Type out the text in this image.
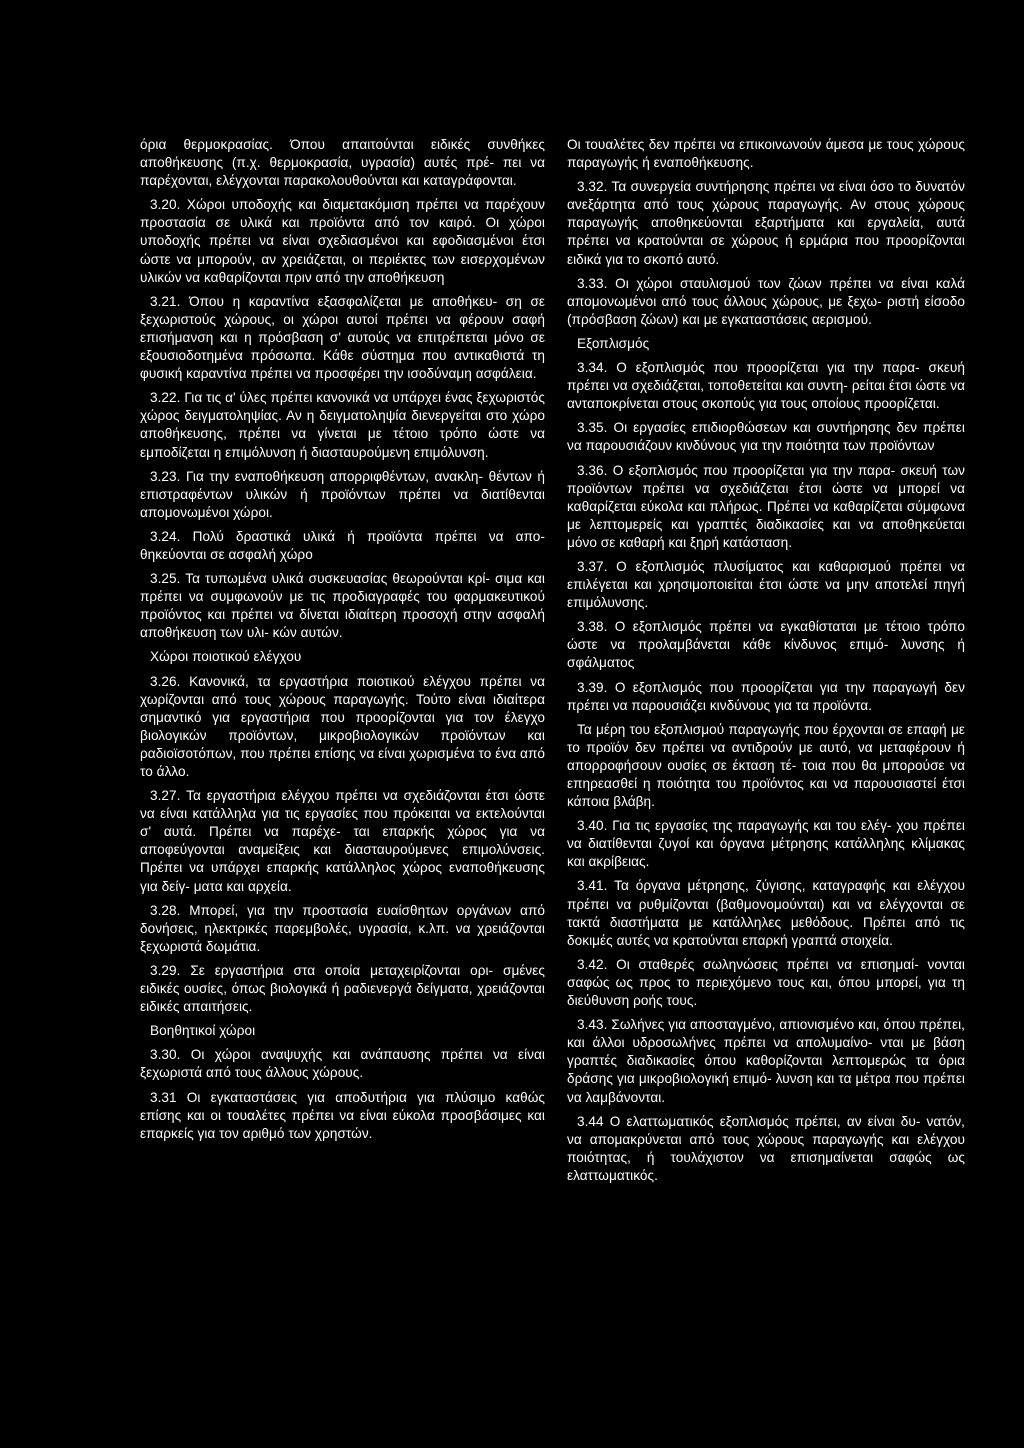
όρια θερμοκρασίας. Όπου απαιτούνται ειδικές συνθήκες αποθήκευσης (π.χ. θερμοκρασία, υγρασία) αυτές πρέ- πει να παρέχονται, ελέγχονται παρακολουθούνται και καταγράφονται.

3.20. Χώροι υποδοχής και διαμετακόμιση πρέπει να παρέχουν προστασία σε υλικά και προϊόντα από τον καιρό. Οι χώροι υποδοχής πρέπει να είναι σχεδιασμένοι και εφοδιασμένοι έτσι ώστε να μπορούν, αν χρειάζεται, οι περιέκτες των εισερχομένων υλικών να καθαρίζονται πριν από την αποθήκευση

3.21. Όπου η καραντίνα εξασφαλίζεται με αποθήκευ- ση σε ξεχωριστούς χώρους, οι χώροι αυτοί πρέπει να φέρουν σαφή επισήμανση και η πρόσβαση σ' αυτούς να επιτρέπεται μόνο σε εξουσιοδοτημένα πρόσωπα. Κάθε σύστημα που αντικαθιστά τη φυσική καραντίνα πρέπει να προσφέρει την ισοδύναμη ασφάλεια.

3.22. Για τις α' ύλες πρέπει κανονικά να υπάρχει ένας ξεχωριστός χώρος δειγματοληψίας. Αν η δειγματοληψία διενεργείται στο χώρο αποθήκευσης, πρέπει να γίνεται με τέτοιο τρόπο ώστε να εμποδίζεται η επιμόλυνση ή διασταυρούμενη επιμόλυνση.

3.23. Για την εναποθήκευση απορριφθέντων, ανακλη- θέντων ή επιστραφέντων υλικών ή προϊόντων πρέπει να διατίθενται απομονωμένοι χώροι.

3.24. Πολύ δραστικά υλικά ή προϊόντα πρέπει να απο- θηκεύονται σε ασφαλή χώρο

3.25. Τα τυπωμένα υλικά συσκευασίας θεωρούνται κρί- σιμα και πρέπει να συμφωνούν με τις προδιαγραφές του φαρμακευτικού προϊόντος και πρέπει να δίνεται ιδιαίτερη προσοχή στην ασφαλή αποθήκευση των υλι- κών αυτών.

Χώροι ποιοτικού ελέγχου

3.26. Κανονικά, τα εργαστήρια ποιοτικού ελέγχου πρέπει να χωρίζονται από τους χώρους παραγωγής. Τούτο είναι ιδιαίτερα σημαντικό για εργαστήρια που προορίζονται για τον έλεγχο βιολογικών προϊόντων, μικροβιολογικών προϊόντων και ραδιοϊσοτόπων, που πρέπει επίσης να είναι χωρισμένα το ένα από το άλλο.

3.27. Τα εργαστήρια ελέγχου πρέπει να σχεδιάζονται έτσι ώστε να είναι κατάλληλα για τις εργασίες που πρόκειται να εκτελούνται σ' αυτά. Πρέπει να παρέχε- ται επαρκής χώρος για να αποφεύγονται αναμείξεις και διασταυρούμενες επιμολύνσεις. Πρέπει να υπάρχει επαρκής κατάλληλος χώρος εναποθήκευσης για δείγ- ματα και αρχεία.

3.28. Μπορεί, για την προστασία ευαίσθητων οργάνων από δονήσεις, ηλεκτρικές παρεμβολές, υγρασία, κ.λπ. να χρειάζονται ξεχωριστά δωμάτια.

3.29. Σε εργαστήρια στα οποία μεταχειρίζονται ορι- σμένες ειδικές ουσίες, όπως βιολογικά ή ραδιενεργά δείγματα, χρειάζονται ειδικές απαιτήσεις.

Βοηθητικοί χώροι

3.30. Οι χώροι αναψυχής και ανάπαυσης πρέπει να είναι ξεχωριστά από τους άλλους χώρους.

3.31 Οι εγκαταστάσεις για αποδυτήρια για πλύσιμο καθώς επίσης και οι τουαλέτες πρέπει να είναι εύκολα προσβάσιμες και επαρκείς για τον αριθμό των χρηστών.

Οι τουαλέτες δεν πρέπει να επικοινωνούν άμεσα με τους χώρους παραγωγής ή εναποθήκευσης.

3.32. Τα συνεργεία συντήρησης πρέπει να είναι όσο το δυνατόν ανεξάρτητα από τους χώρους παραγωγής. Αν στους χώρους παραγωγής αποθηκεύονται εξαρτήματα και εργαλεία, αυτά πρέπει να κρατούνται σε χώρους ή ερμάρια που προορίζονται ειδικά για το σκοπό αυτό.

3.33. Οι χώροι σταυλισμού των ζώων πρέπει να είναι καλά απομονωμένοι από τους άλλους χώρους, με ξεχω- ριστή είσοδο (πρόσβαση ζώων) και με εγκαταστάσεις αερισμού.

Εξοπλισμός

3.34. Ο εξοπλισμός που προορίζεται για την παρα- σκευή πρέπει να σχεδιάζεται, τοποθετείται και συντη- ρείται έτσι ώστε να ανταποκρίνεται στους σκοπούς για τους οποίους προορίζεται.

3.35. Οι εργασίες επιδιορθώσεων και συντήρησης δεν πρέπει να παρουσιάζουν κινδύνους για την ποιότητα των προϊόντων

3.36. Ο εξοπλισμός που προορίζεται για την παρα- σκευή των προϊόντων πρέπει να σχεδιάζεται έτσι ώστε να μπορεί να καθαρίζεται εύκολα και πλήρως. Πρέπει να καθαρίζεται σύμφωνα με λεπτομερείς και γραπτές διαδικασίες και να αποθηκεύεται μόνο σε καθαρή και ξηρή κατάσταση.

3.37. Ο εξοπλισμός πλυσίματος και καθαρισμού πρέπει να επιλέγεται και χρησιμοποιείται έτσι ώστε να μην αποτελεί πηγή επιμόλυνσης.

3.38. Ο εξοπλισμός πρέπει να εγκαθίσταται με τέτοιο τρόπο ώστε να προλαμβάνεται κάθε κίνδυνος επιμό- λυνσης ή σφάλματος

3.39. Ο εξοπλισμός που προορίζεται για την παραγωγή δεν πρέπει να παρουσιάζει κινδύνους για τα προϊόντα.

Τα μέρη του εξοπλισμού παραγωγής που έρχονται σε επαφή με το προϊόν δεν πρέπει να αντιδρούν με αυτό, να μεταφέρουν ή απορροφήσουν ουσίες σε έκταση τέ- τοια που θα μπορούσε να επηρεασθεί η ποιότητα του προϊόντος και να παρουσιαστεί έτσι κάποια βλάβη.

3.40. Για τις εργασίες της παραγωγής και του ελέγ- χου πρέπει να διατίθενται ζυγοί και όργανα μέτρησης κατάλληλης κλίμακας και ακρίβειας.

3.41. Τα όργανα μέτρησης, ζύγισης, καταγραφής και ελέγχου πρέπει να ρυθμίζονται (βαθμονομούνται) και να ελέγχονται σε τακτά διαστήματα με κατάλληλες μεθόδους. Πρέπει από τις δοκιμές αυτές να κρατούνται επαρκή γραπτά στοιχεία.

3.42. Οι σταθερές σωληνώσεις πρέπει να επισημαί- νονται σαφώς ως προς το περιεχόμενο τους και, όπου μπορεί, για τη διεύθυνση ροής τους.

3.43. Σωλήνες για αποσταγμένο, απιονισμένο και, όπου πρέπει, και άλλοι υδροσωλήνες πρέπει να απολυμαίνο- νται με βάση γραπτές διαδικασίες όπου καθορίζονται λεπτομερώς τα όρια δράσης για μικροβιολογική επιμό- λυνση και τα μέτρα που πρέπει να λαμβάνονται.

3.44 Ο ελαττωματικός εξοπλισμός πρέπει, αν είναι δυ- νατόν, να απομακρύνεται από τους χώρους παραγωγής και ελέγχου ποιότητας, ή τουλάχιστον να επισημαίνεται σαφώς ως ελαττωματικός.
